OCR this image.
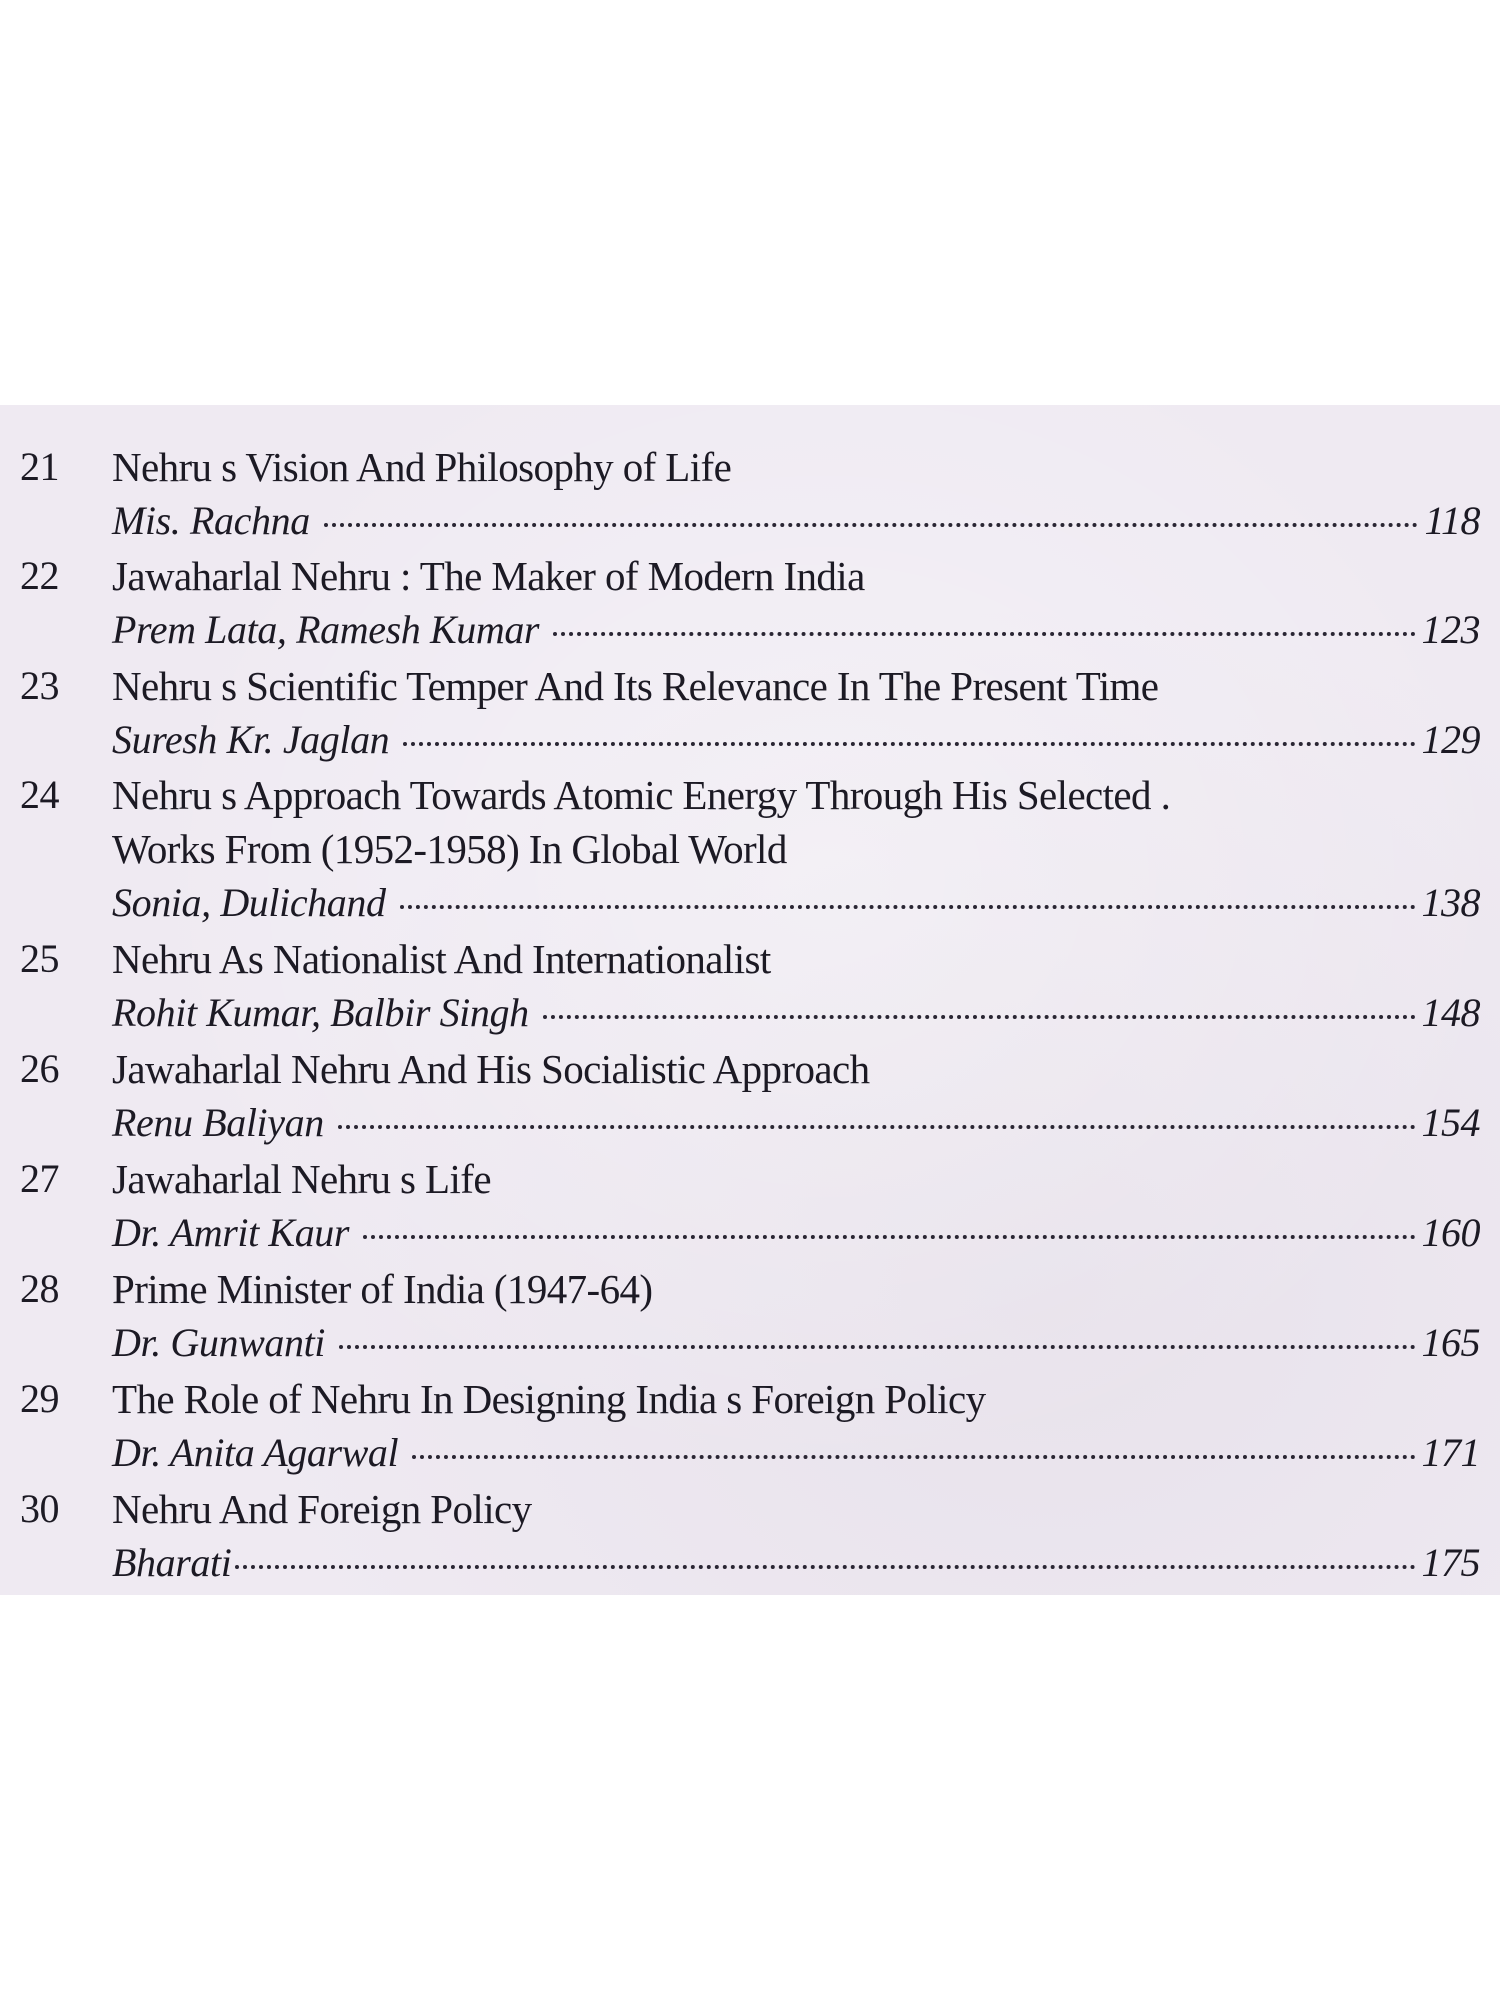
21	Nehru s Vision And Philosophy of Life
Mis. Rachna	118
22	Jawaharlal Nehru : The Maker of Modern India
Prem Lata, Ramesh Kumar	123
23	Nehru s Scientific Temper And Its Relevance In The Present Time
Suresh Kr. Jaglan	129
24	Nehru s Approach Towards Atomic Energy Through His Selected .
Works From (1952-1958) In Global World
Sonia, Dulichand	138
25	Nehru As Nationalist And Internationalist
Rohit Kumar, Balbir Singh	148
26	Jawaharlal Nehru And His Socialistic Approach
Renu Baliyan	154
27	Jawaharlal Nehru s Life
Dr. Amrit Kaur	160
28	Prime Minister of India (1947-64)
Dr. Gunwanti	165
29	The Role of Nehru In Designing India s Foreign Policy
Dr. Anita Agarwal	171
30	Nehru And Foreign Policy
Bharati	175
